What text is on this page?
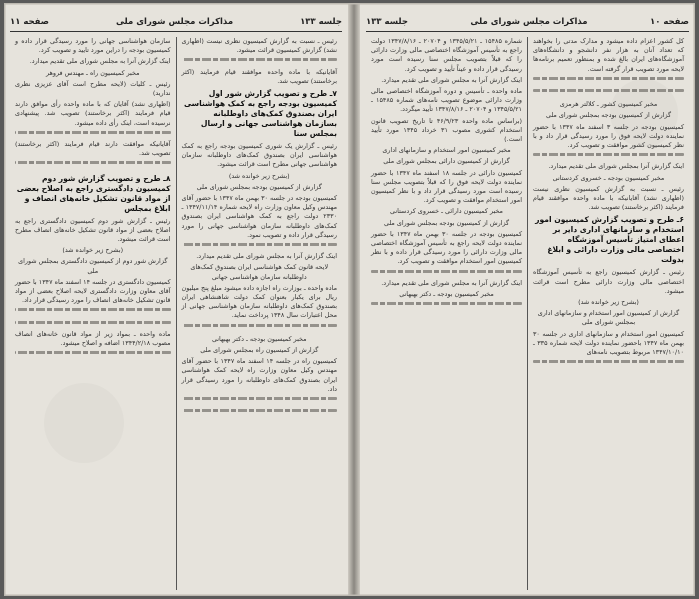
جلسه ۱۳۳
مذاکرات مجلس شورای ملی
صفحه ۱۱
رئیس ـ نسبت به گزارش کمیسیون نظری نیست (اظهاری نشد) گزارش کمیسیون قرائت میشود.
آقایانیکه با ماده واحده موافقند قیام فرمایند (اکثر برخاستند) تصویب شد.
۷ـ طرح و تصویب گزارش شور اول کمیسیون بودجه راجع به کمک هواشناسی ایران بصندوق کمک‌های داوطلبانه بسازمان هواشناسی جهانی و ارسال بمجلس سنا
رئیس ـ گزارش یک شوری کمیسیون بودجه راجع به کمک هواشناسی ایران بصندوق کمک‌های داوطلبانه سازمان هواشناسی جهانی مطرح است قرائت میشود.
(بشرح زیر خوانده شد)
گزارش از کمیسیون بودجه بمجلس شورای ملی
کمیسیون بودجه در جلسه ۳۰ بهمن ماه ۱۳۴۷ با حضور آقای مهندس وکیل معاون وزارت راه لایحه شماره ۱۳۴۷/۱۱/۱۴ ـ ۲۳۳۰ دولت راجع به کمک هواشناسی ایران بصندوق کمک‌های داوطلبانه سازمان هواشناسی جهانی را مورد رسیدگی قرار داده و تصویب نمود.
اینک گزارش آنرا به مجلس شورای ملی تقدیم میدارد.
لایحه قانون کمک هواشناسی ایران بصندوق کمک‌های داوطلبانه سازمان هواشناسی جهانی
ماده واحده ـ بوزارت راه اجازه داده میشود مبلغ پنج میلیون ریال برای یکبار بعنوان کمک دولت شاهنشاهی ایران بصندوق کمک‌های داوطلبانه سازمان هواشناسی جهانی از محل اعتبارات سال ۱۳۴۸ پرداخت نماید.
مخبر کمیسیون بودجه ـ دکتر بهبهانی
گزارش از کمیسیون راه بمجلس شورای ملی
کمیسیون راه در جلسه ۱۴ اسفند ماه ۱۳۴۷ با حضور آقای مهندس وکیل معاون وزارت راه لایحه کمک هواشناسی ایران بصندوق کمک‌های داوطلبانه را مورد رسیدگی قرار داد.
سازمان هواشناسی جهانی را مورد رسیدگی قرار داده و کمیسیون بودجه را دراین مورد تایید و تصویب کرد.
اینک گزارش آنرا به مجلس شورای ملی تقدیم میدارد.
مخبر کمیسیون راه ـ مهندس فروهر
رئیس ـ کلیات (لایحه مطرح است آقای عزیزی نظری ندارید)
(اظهاری نشد) آقایان که با ماده واحده رأی موافق دارند قیام فرمایند (اکثر برخاستند) تصویب شد. پیشنهادی نرسیده است، اینک رأی داده میشود.
آقایانیکه موافقت دارند قیام فرمایند (اکثر برخاستند) تصویب شد.
۸ـ طرح و تصویب گزارش شور دوم کمیسیون دادگستری راجع به اصلاح بعضی از مواد قانون تشکیل خانه‌های انصاف و ابلاغ بمجلس
رئیس ـ گزارش شور دوم کمیسیون دادگستری راجع به اصلاح بعضی از مواد قانون تشکیل خانه‌های انصاف مطرح است قرائت میشود.
(بشرح زیر خوانده شد)
گزارش شور دوم از کمیسیون دادگستری بمجلس شورای ملی
کمیسیون دادگستری در جلسه ۱۴ اسفند ماه ۱۳۴۷ با حضور آقای معاون وزارت دادگستری لایحه اصلاح بعضی از مواد قانون تشکیل خانه‌های انصاف را مورد رسیدگی قرار داد.
ماده واحده ـ بمواد زیر از مواد قانون خانه‌های انصاف مصوب ۱۳۴۴/۲/۱۸ اضافه و اصلاح میشود.
صفحه ۱۰
مذاکرات مجلس شورای ملی
جلسه ۱۳۳
کل کشور اعزام داده میشود و مدارک مدتی را بخواهند که تعداد آنان به هزار نفر دانشجو و دانشگاه‌های آموزشگاه‌های ایران بالغ شده و بمنظور تعمیم برنامه‌ها لایحه مورد تصویب قرار گرفته است.
مخبر کمیسیون کشور ـ کلالتر هرمزی
گزارش از کمیسیون بودجه بمجلس شورای ملی
کمیسیون بودجه در جلسه ۳ اسفند ماه ۱۳۴۷ با حضور نماینده دولت لایحه فوق را مورد رسیدگی قرار داد و با نظر کمیسیون کشور موافقت و تصویب کرد.
اینک گزارش آنرا بمجلس شورای ملی تقدیم میدارد.
مخبر کمیسیون بودجه ـ خسروی کردستانی
رئیس ـ نسبت به گزارش کمیسیون نظری نیست (اظهاری نشد) آقایانیکه با ماده واحده موافقند قیام فرمایند (اکثر برخاستند) تصویب شد.
۶ـ طرح و تصویب گزارش کمیسیون امور استخدام و سازمانهای اداری دایر بر اعطای امتیاز تأسیس آموزشگاه اختصاصی مالی وزارت دارائی و ابلاغ بدولت
رئیس ـ گزارش کمیسیون راجع به تأسیس آموزشگاه اختصاصی مالی وزارت دارائی مطرح است قرائت میشود.
(بشرح زیر خوانده شد)
گزارش از کمیسیون امور استخدام و سازمانهای اداری بمجلس شورای ملی
کمیسیون امور استخدام و سازمانهای اداری در جلسه ۳۰ بهمن ماه ۱۳۴۷ باحضور نماینده دولت لایحه شماره ۳۳۵ ـ ۱۳۴۷/۱۰/۱۰ مربوط بتصویب نامه‌های
شماره ۱۵۴۸۵ ـ ۱۳۴۵/۵/۲۱ و ۲۰۷۰۴ ـ ۱۳۴۷/۸/۱۶ دولت راجع به تأسیس آموزشگاه اختصاصی مالی وزارت دارائی را که قبلاً بتصویب مجلس سنا رسیده است مورد رسیدگی قرار داده و عیناً تأیید و تصویب کرد.
اینک گزارش آنرا به مجلس شورای ملی تقدیم میدارد.
ماده واحده ـ تأسیس و دوره آموزشگاه اختصاصی مالی وزارت دارائی موضوع تصویب نامه‌های شماره ۱۵۴۸۵ ـ ۱۳۴۵/۵/۲۱ و ۲۰۷۰۴ ـ ۱۳۴۷/۸/۱۶ تأیید میگردد.
(براساس ماده واحده ۴۶/۹/۲۳ تا تاریخ تصویب قانون استخدام کشوری مصوب ۳۱ خرداد ۱۳۴۵ مورد تأیید است.)
مخبر کمیسیون امور استخدام و سازمانهای اداری
گزارش از کمیسیون دارائی بمجلس شورای ملی
کمیسیون دارائی در جلسه ۱۸ اسفند ماه ۱۳۴۷ با حضور نماینده دولت لایحه فوق را که قبلاً بتصویب مجلس سنا رسیده است مورد رسیدگی قرار داد و با نظر کمیسیون امور استخدام موافقت و تصویب کرد.
مخبر کمیسیون دارائی ـ خسروی کردستانی
گزارش از کمیسیون بودجه بمجلس شورای ملی
کمیسیون بودجه در جلسه ۳۰ بهمن ماه ۱۳۴۷ با حضور نماینده دولت لایحه راجع به تأسیس آموزشگاه اختصاصی مالی وزارت دارائی را مورد رسیدگی قرار داده و با نظر کمیسیون امور استخدام موافقت و تصویب کرد.
اینک گزارش آنرا به مجلس شورای ملی تقدیم میدارد.
مخبر کمیسیون بودجه ـ دکتر بهبهانی
